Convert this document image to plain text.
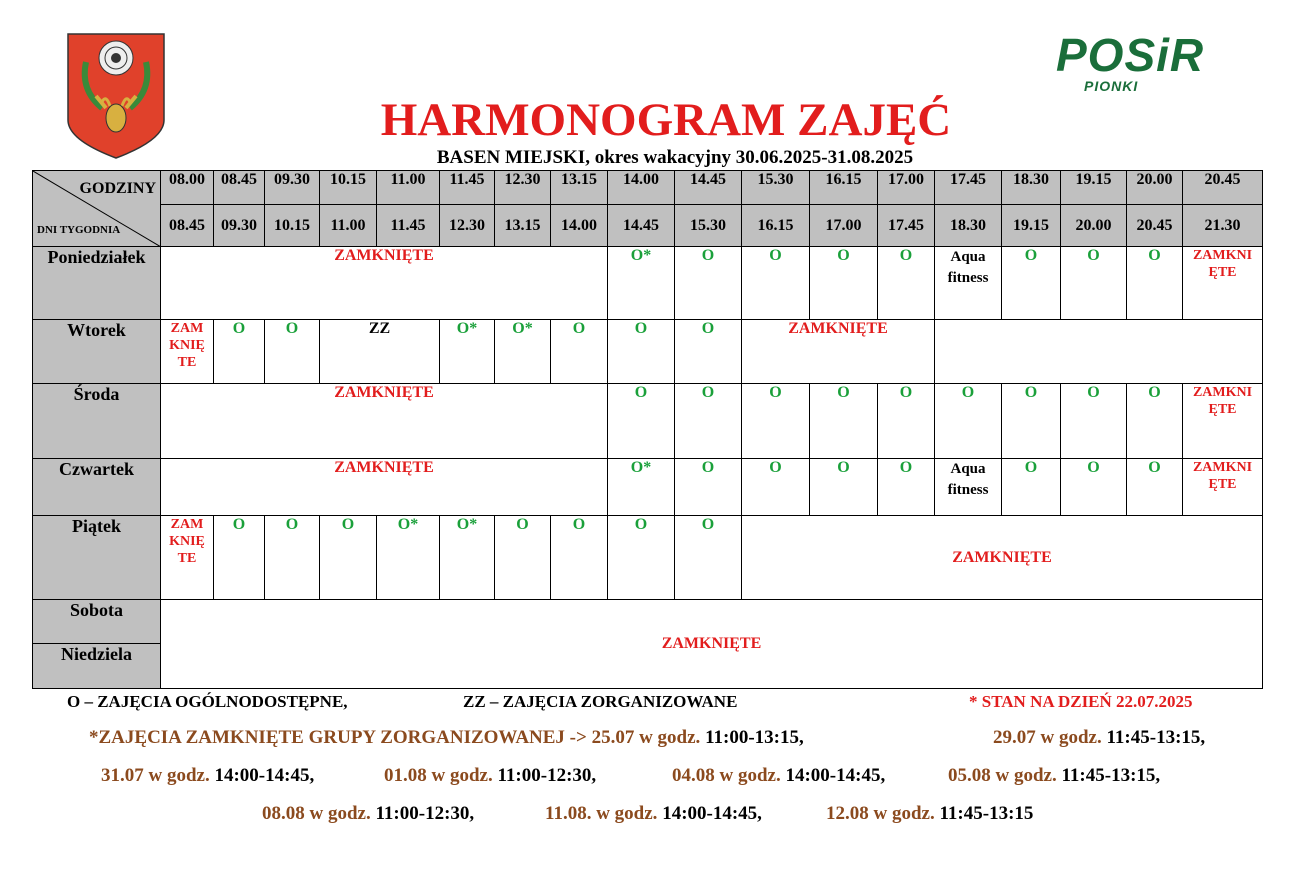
POSiR
PIONKI
HARMONOGRAM ZAJĘĆ
BASEN MIEJSKI, okres wakacyjny 30.06.2025-31.08.2025
GODZINY
DNI TYGODNIA	08.00	08.45	09.30	10.15	11.00	11.45	12.30	13.15	14.00	14.45	15.30	16.15	17.00	17.45	18.30	19.15	20.00	20.45
	08.45	09.30	10.15	11.00	11.45	12.30	13.15	14.00	14.45	15.30	16.15	17.00	17.45	18.30	19.15	20.00	20.45	21.30
Poniedziałek	ZAMKNIĘTE								O*	O	O	O	O	Aqua fitness	O	O	O	ZAMKNI ĘTE
Wtorek	ZAM KNIĘ TE	O	O	ZZ		O*	O*	O	O	O	ZAMKNIĘTE							
Środa	ZAMKNIĘTE								O	O	O	O	O	O	O	O	O	ZAMKNI ĘTE
Czwartek	ZAMKNIĘTE								O*	O	O	O	O	Aqua fitness	O	O	O	ZAMKNI ĘTE
Piątek	ZAM KNIĘ TE	O	O	O	O*	O*	O	O	O	O	ZAMKNIĘTE							
Sobota	ZAMKNIĘTE																	
Niedziela																		
O – ZAJĘCIA OGÓLNODOSTĘPNE,	ZZ – ZAJĘCIA ZORGANIZOWANE	* STAN NA DZIEŃ 22.07.2025
*ZAJĘCIA ZAMKNIĘTE GRUPY ZORGANIZOWANEJ -> 25.07 w godz. 11:00-13:15,	29.07 w godz. 11:45-13:15,
31.07 w godz. 14:00-14:45,	01.08 w godz. 11:00-12:30,	04.08 w godz. 14:00-14:45,	05.08 w godz. 11:45-13:15,
08.08 w godz. 11:00-12:30,	11.08. w godz. 14:00-14:45,	12.08 w godz. 11:45-13:15
